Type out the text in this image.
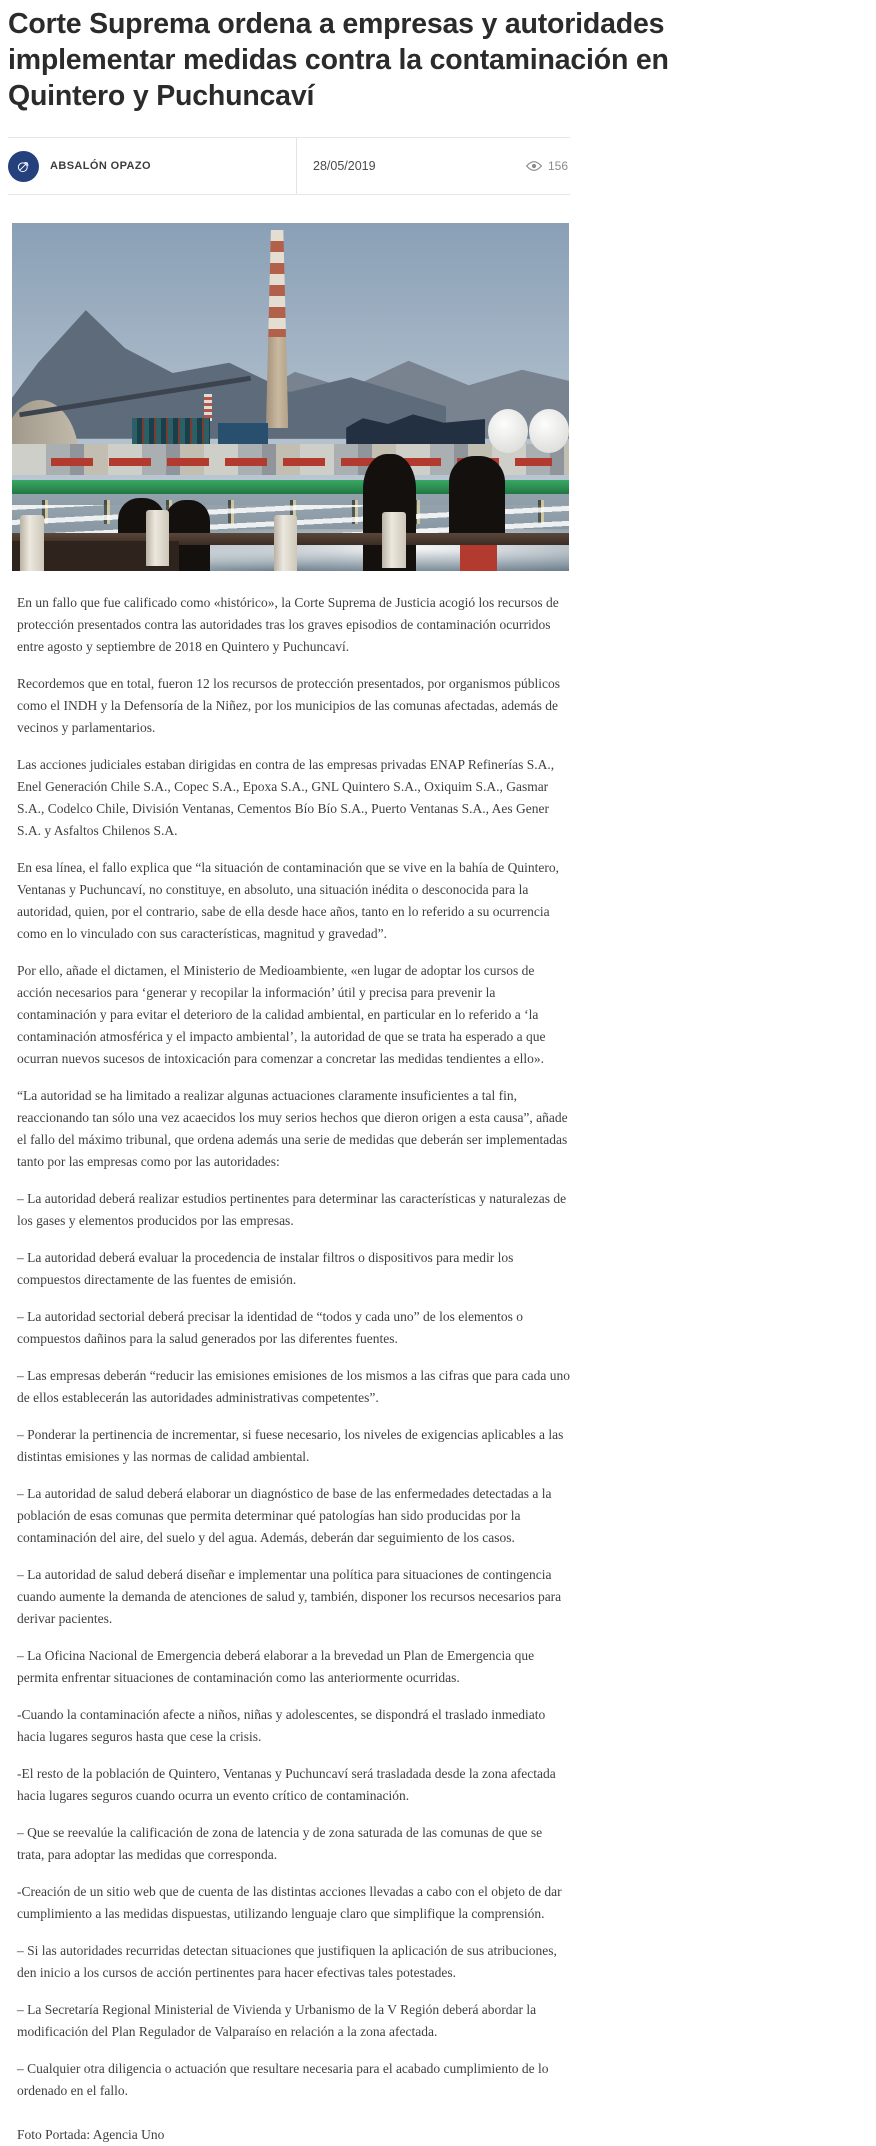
Corte Suprema ordena a empresas y autoridades
implementar medidas contra la contaminación en
Quintero y Puchuncaví
ABSALÓN OPAZO	28/05/2019	156

En un fallo que fue calificado como «histórico», la Corte Suprema de Justicia acogió los recursos de protección presentados contra las autoridades tras los graves episodios de contaminación ocurridos entre agosto y septiembre de 2018 en Quintero y Puchuncaví.

Recordemos que en total, fueron 12 los recursos de protección presentados, por organismos públicos como el INDH y la Defensoría de la Niñez, por los municipios de las comunas afectadas, además de vecinos y parlamentarios.

Las acciones judiciales estaban dirigidas en contra de las empresas privadas ENAP Refinerías S.A., Enel Generación Chile S.A., Copec S.A., Epoxa S.A., GNL Quintero S.A., Oxiquim S.A., Gasmar S.A., Codelco Chile, División Ventanas, Cementos Bío Bío S.A., Puerto Ventanas S.A., Aes Gener S.A. y Asfaltos Chilenos S.A.

En esa línea, el fallo explica que “la situación de contaminación que se vive en la bahía de Quintero, Ventanas y Puchuncaví, no constituye, en absoluto, una situación inédita o desconocida para la autoridad, quien, por el contrario, sabe de ella desde hace años, tanto en lo referido a su ocurrencia como en lo vinculado con sus características, magnitud y gravedad”.

Por ello, añade el dictamen, el Ministerio de Medioambiente, «en lugar de adoptar los cursos de acción necesarios para ‘generar y recopilar la información’ útil y precisa para prevenir la contaminación y para evitar el deterioro de la calidad ambiental, en particular en lo referido a ‘la contaminación atmosférica y el impacto ambiental’, la autoridad de que se trata ha esperado a que ocurran nuevos sucesos de intoxicación para comenzar a concretar las medidas tendientes a ello».

“La autoridad se ha limitado a realizar algunas actuaciones claramente insuficientes a tal fin, reaccionando tan sólo una vez acaecidos los muy serios hechos que dieron origen a esta causa”, añade el fallo del máximo tribunal, que ordena además una serie de medidas que deberán ser implementadas tanto por las empresas como por las autoridades:

– La autoridad deberá realizar estudios pertinentes para determinar las características y naturalezas de los gases y elementos producidos por las empresas.

– La autoridad deberá evaluar la procedencia de instalar filtros o dispositivos para medir los compuestos directamente de las fuentes de emisión.

– La autoridad sectorial deberá precisar la identidad de “todos y cada uno” de los elementos o compuestos dañinos para la salud generados por las diferentes fuentes.

– Las empresas deberán “reducir las emisiones emisiones de los mismos a las cifras que para cada uno de ellos establecerán las autoridades administrativas competentes”.

– Ponderar la pertinencia de incrementar, si fuese necesario, los niveles de exigencias aplicables a las distintas emisiones y las normas de calidad ambiental.

– La autoridad de salud deberá elaborar un diagnóstico de base de las enfermedades detectadas a la población de esas comunas que permita determinar qué patologías han sido producidas por la contaminación del aire, del suelo y del agua. Además, deberán dar seguimiento de los casos.

– La autoridad de salud deberá diseñar e implementar una política para situaciones de contingencia cuando aumente la demanda de atenciones de salud y, también, disponer los recursos necesarios para derivar pacientes.

– La Oficina Nacional de Emergencia deberá elaborar a la brevedad un Plan de Emergencia que permita enfrentar situaciones de contaminación como las anteriormente ocurridas.

-Cuando la contaminación afecte a niños, niñas y adolescentes, se dispondrá el traslado inmediato hacia lugares seguros hasta que cese la crisis.

-El resto de la población de Quintero, Ventanas y Puchuncaví será trasladada desde la zona afectada hacia lugares seguros cuando ocurra un evento crítico de contaminación.

– Que se reevalúe la calificación de zona de latencia y de zona saturada de las comunas de que se trata, para adoptar las medidas que corresponda.

-Creación de un sitio web que de cuenta de las distintas acciones llevadas a cabo con el objeto de dar cumplimiento a las medidas dispuestas, utilizando lenguaje claro que simplifique la comprensión.

– Si las autoridades recurridas detectan situaciones que justifiquen la aplicación de sus atribuciones, den inicio a los cursos de acción pertinentes para hacer efectivas tales potestades.

– La Secretaría Regional Ministerial de Vivienda y Urbanismo de la V Región deberá abordar la modificación del Plan Regulador de Valparaíso en relación a la zona afectada.

– Cualquier otra diligencia o actuación que resultare necesaria para el acabado cumplimiento de lo ordenado en el fallo.

Foto Portada: Agencia Uno
